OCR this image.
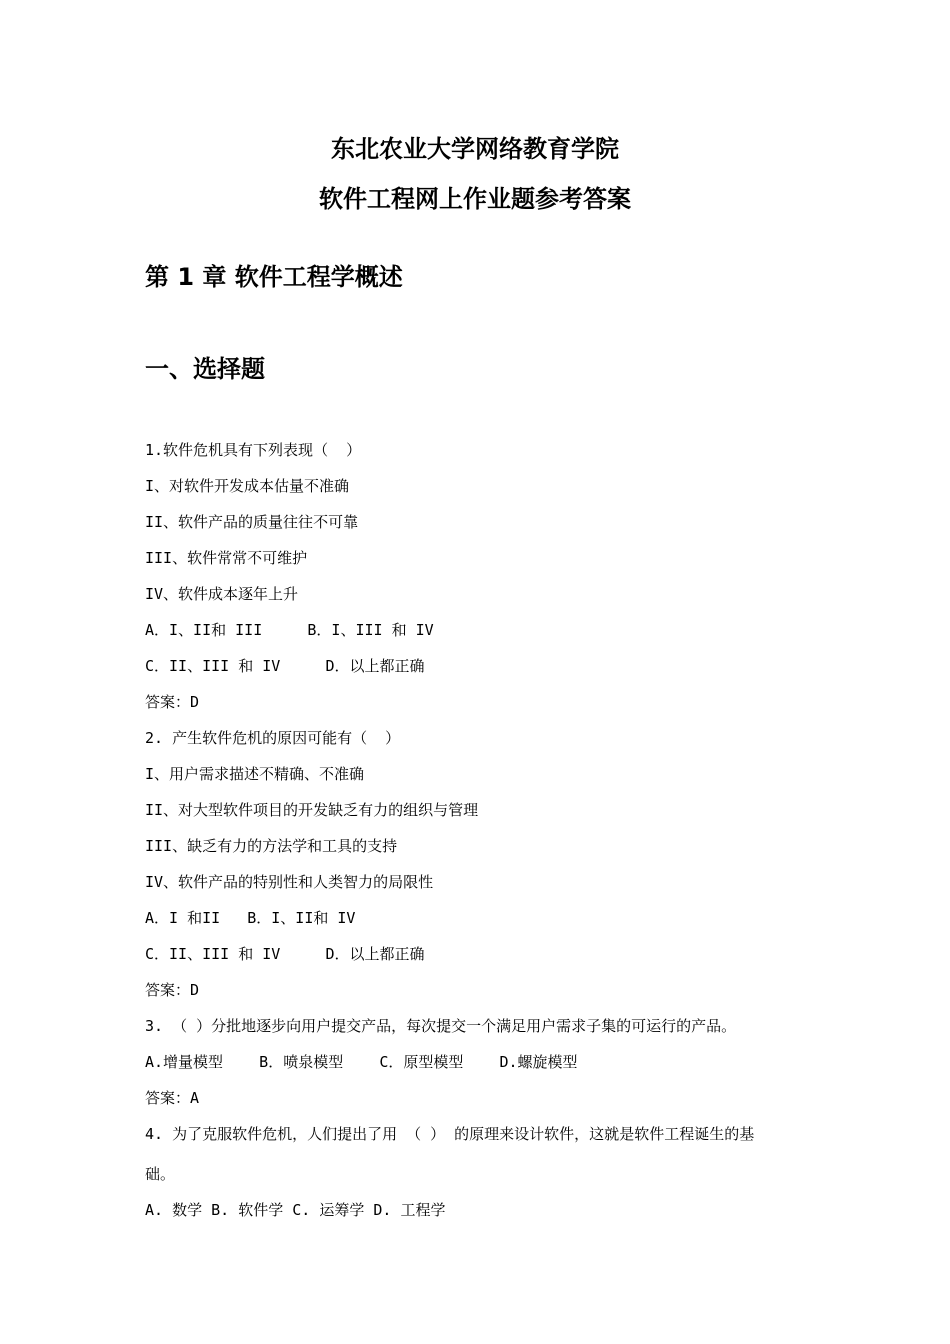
东北农业大学网络教育学院
软件工程网上作业题参考答案
第 1 章 软件工程学概述
一、选择题
1.软件危机具有下列表现（  ）
I、对软件开发成本估量不准确
II、软件产品的质量往往不可靠
III、软件常常不可维护
IV、软件成本逐年上升
A．I、II和 III     B．I、III 和 IV
C．II、III 和 IV     D．以上都正确
答案：D
2. 产生软件危机的原因可能有（  ）
I、用户需求描述不精确、不准确
II、对大型软件项目的开发缺乏有力的组织与管理
III、缺乏有力的方法学和工具的支持
IV、软件产品的特别性和人类智力的局限性
A．I 和II   B．I、II和 IV
C．II、III 和 IV     D．以上都正确
答案：D
3. （ ）分批地逐步向用户提交产品，每次提交一个满足用户需求子集的可运行的产品。
A.增量模型    B．喷泉模型    C．原型模型    D.螺旋模型
答案：A
4. 为了克服软件危机，人们提出了用 （ ） 的原理来设计软件，这就是软件工程诞生的基
础。
A. 数学 B. 软件学 C. 运筹学 D. 工程学
